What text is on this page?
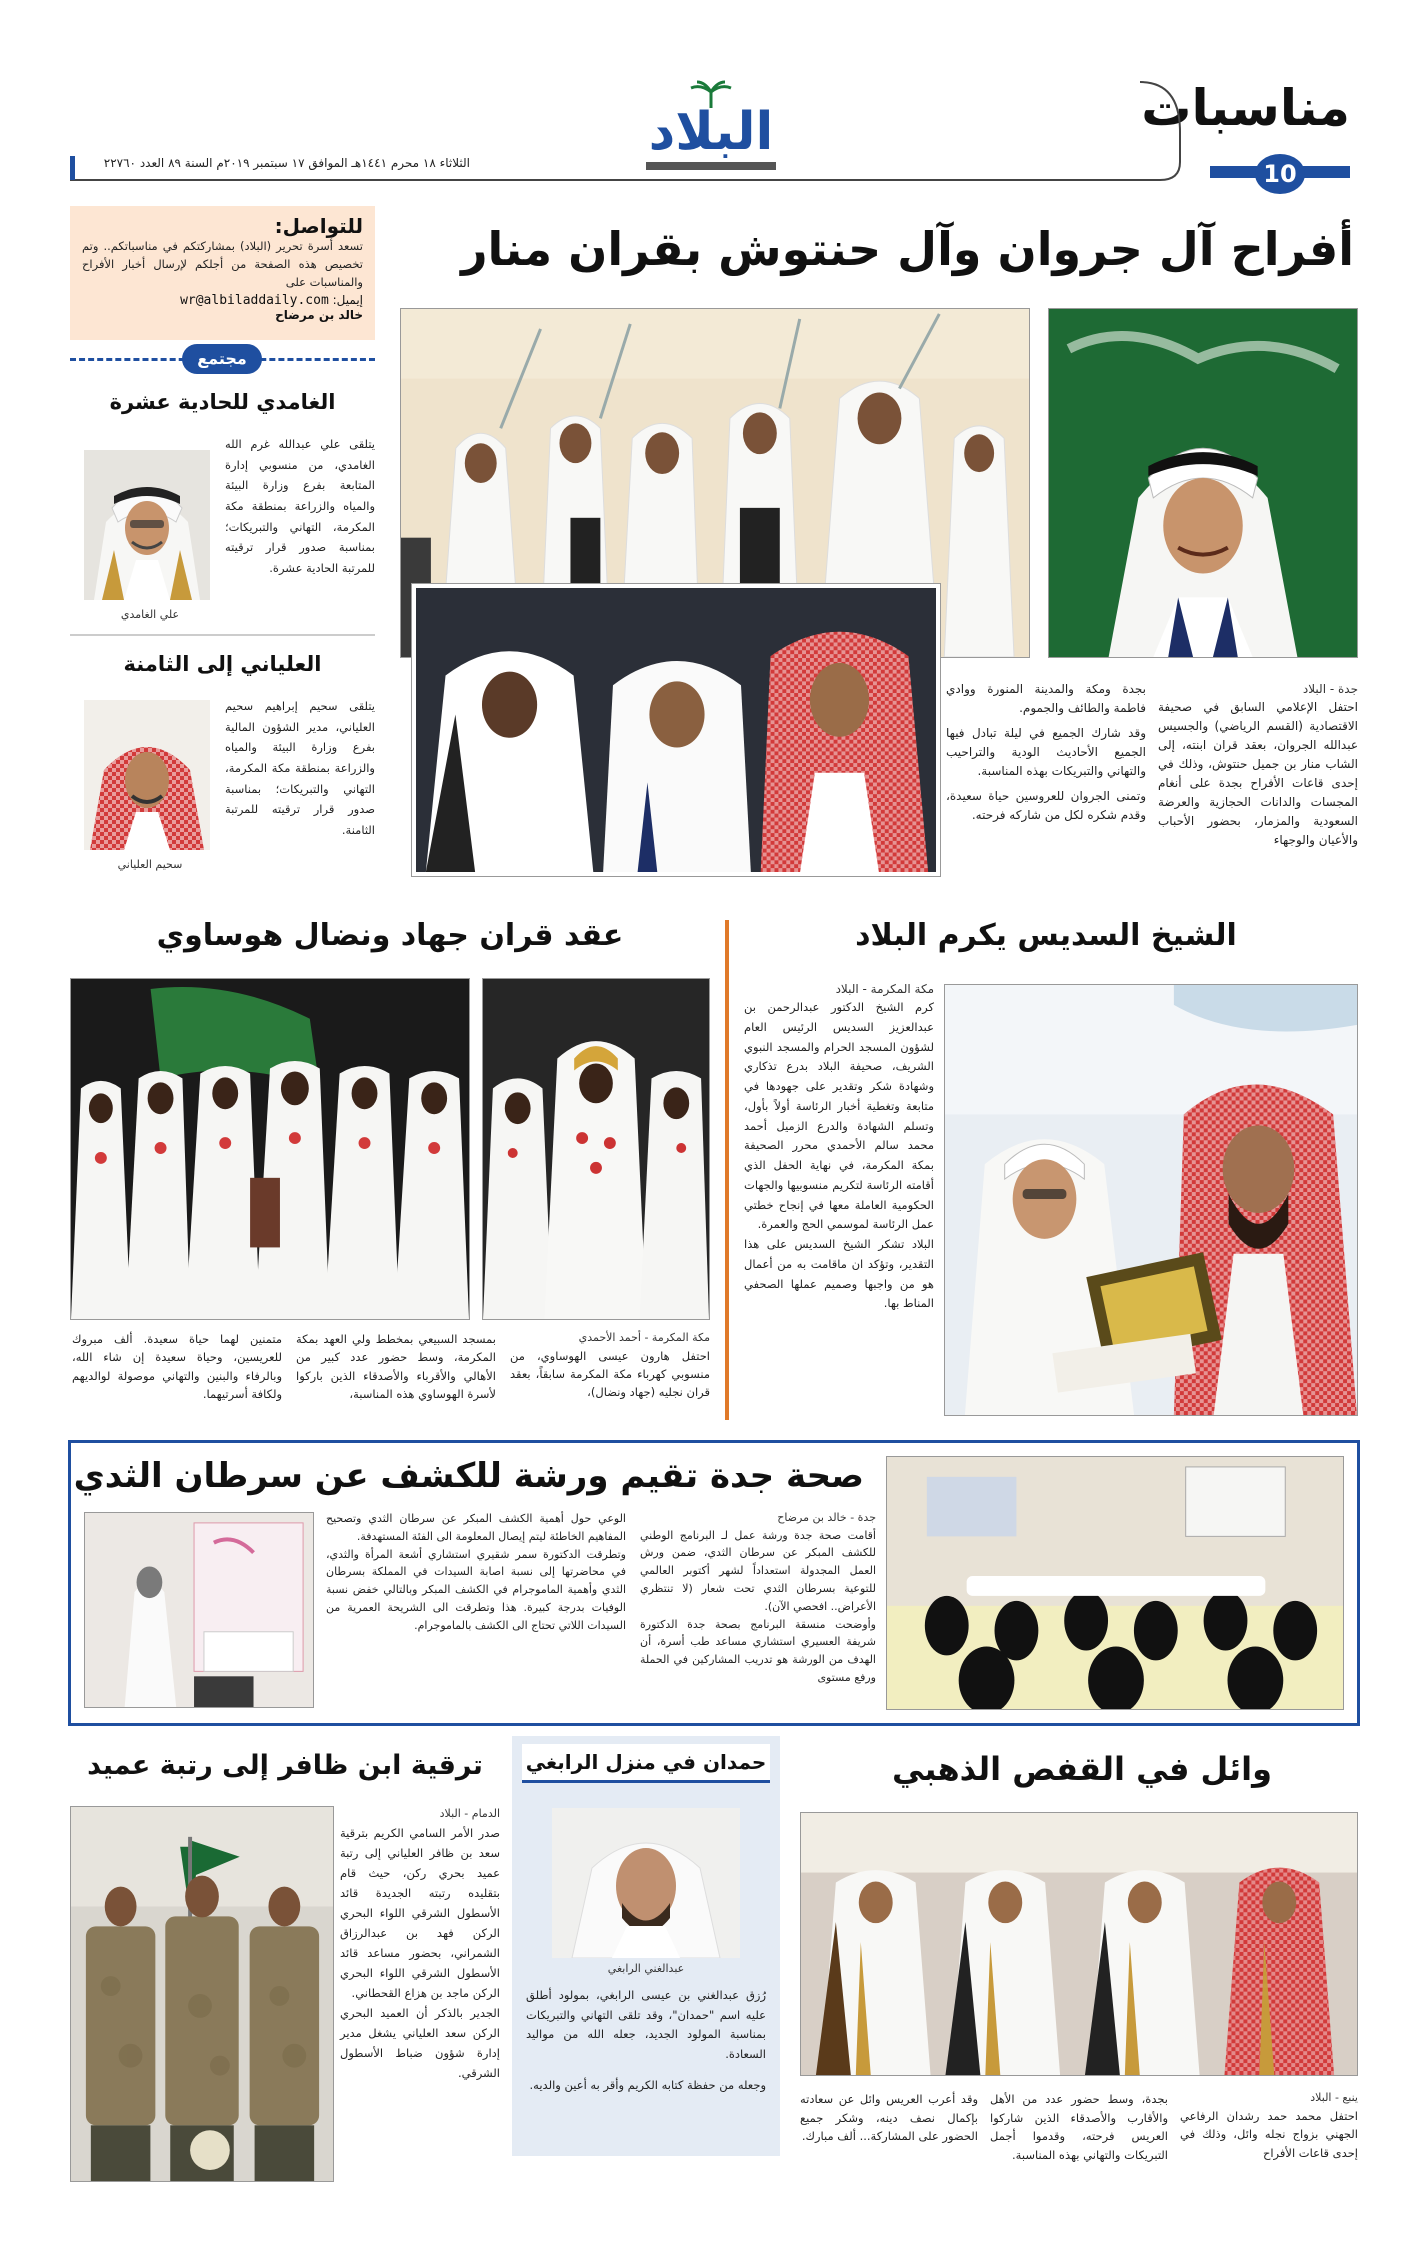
مناسبات
10
البلاد
الثلاثاء ١٨ محرم ١٤٤١هـ الموافق ١٧ سبتمبر ٢٠١٩م السنة ٨٩ العدد ٢٢٧٦٠
للتواصل:
تسعد أسرة تحرير (البلاد) بمشاركتكم في مناسباتكم.. وتم تخصيص هذه الصفحة من أجلكم لإرسال أخبار الأفراح والمناسبات على
إيميل: wr@albiladdaily.com
خالد بن مرضاح
مجتمع
الغامدي للحادية عشرة
يتلقى علي عبدالله غرم الله الغامدي، من منسوبي إدارة المتابعة بفرع وزارة البيئة والمياه والزراعة بمنطقة مكة المكرمة، التهاني والتبريكات؛ بمناسبة صدور قرار ترقيته للمرتبة الحادية عشرة.
علي الغامدي
العلياني إلى الثامنة
يتلقى سحيم إبراهيم سحيم العلياني، مدير الشؤون المالية بفرع وزارة البيئة والمياه والزراعة بمنطقة مكة المكرمة، التهاني والتبريكات؛ بمناسبة صدور قرار ترقيته للمرتبة الثامنة.
سحيم العلياني
أفراح آل جروان وآل حنتوش بقران منار
جدة - البلاد
احتفل الإعلامي السابق في صحيفة الاقتصادية (القسم الرياضي) والجسيس عبدالله الجروان، بعقد قران ابنته، إلى الشاب منار بن جميل حنتوش، وذلك في إحدى قاعات الأفراح بجدة على أنغام المجسات والدانات الحجازية والعرضة السعودية والمزمار، بحضور الأحباب والأعيان والوجهاء
بجدة ومكة والمدينة المنورة ووادي فاطمة والطائف والجموم.
وقد شارك الجميع في ليلة تبادل فيها الجميع الأحاديث الودية والتراحيب والتهاني والتبريكات بهذه المناسبة.
وتمنى الجروان للعروسين حياة سعيدة، وقدم شكره لكل من شاركه فرحته.
الشيخ السديس يكرم البلاد
مكة المكرمة - البلاد
كرم الشيخ الدكتور عبدالرحمن بن عبدالعزيز السديس الرئيس العام لشؤون المسجد الحرام والمسجد النبوي الشريف، صحيفة البلاد بدرع تذكاري وشهادة شكر وتقدير على جهودها في متابعة وتغطية أخبار الرئاسة أولاً بأول، وتسلم الشهادة والدرع الزميل أحمد محمد سالم الأحمدي محرر الصحيفة بمكة المكرمة، في نهاية الحفل الذي أقامته الرئاسة لتكريم منسوبيها والجهات الحكومية العاملة معها في إنجاح خطتي عمل الرئاسة لموسمي الحج والعمرة.
البلاد تشكر الشيخ السديس على هذا التقدير، وتؤكد ان ماقامت به من أعمال هو من واجبها وصميم عملها الصحفي المناط بها.
عقد قران جهاد ونضال هوساوي
مكة المكرمة - أحمد الأحمدي
احتفل هارون عيسى الهوساوي، من منسوبي كهرباء مكة المكرمة سابقاً، بعقد قران نجليه (جهاد ونضال)،
بمسجد السبيعي بمخطط ولي العهد بمكة المكرمة، وسط حضور عدد كبير من الأهالي والأقرباء والأصدقاء الذين باركوا لأسرة الهوساوي هذه المناسبة،
متمنين لهما حياة سعيدة. ألف مبروك للعريسين، وحياة سعيدة إن شاء الله، وبالرفاء والبنين والتهاني موصولة لوالديهم ولكافة أسرتيهما.
صحة جدة تقيم ورشة للكشف عن سرطان الثدي
جدة - خالد بن مرضاح
أقامت صحة جدة ورشة عمل لـ البرنامج الوطني للكشف المبكر عن سرطان الثدي، ضمن ورش العمل المجدولة استعداداً لشهر أكتوبر العالمي للتوعية بسرطان الثدي تحت شعار (لا تنتظري الأعراض.. افحصي الآن).
وأوضحت منسقة البرنامج بصحة جدة الدكتورة شريفة العسيري استشاري مساعد طب أسرة، أن الهدف من الورشة هو تدريب المشاركين في الحملة ورفع مستوى
الوعي حول أهمية الكشف المبكر عن سرطان الثدي وتصحيح المفاهيم الخاطئة ليتم إيصال المعلومة الى الفئة المستهدفة.
وتطرقت الدكتورة سمر شقيري استشاري أشعة المرأة والثدي، في محاضرتها إلى نسبة اصابة السيدات في المملكة بسرطان الثدي وأهمية الماموجرام في الكشف المبكر وبالتالي خفض نسبة الوفيات بدرجة كبيرة. هذا وتطرقت الى الشريحة العمرية من السيدات اللاتي تحتاج الى الكشف بالماموجرام.
وائل في القفص الذهبي
ينبع - البلاد
احتفل محمد حمد رشدان الرفاعي الجهني بزواج نجله وائل، وذلك في إحدى قاعات الأفراح
بجدة، وسط حضور عدد من الأهل والأقارب والأصدقاء الذين شاركوا العريس فرحته، وقدموا أجمل التبريكات والتهاني بهذه المناسبة.
وقد أعرب العريس وائل عن سعادته بإكمال نصف دينه، وشكر جميع الحضور على المشاركة... ألف مبارك.
حمدان في منزل الرابغي
عبدالغني الرابغي
رُزق عبدالغني بن عيسى الرابغي، بمولود أطلق عليه اسم "حمدان"، وقد تلقى التهاني والتبريكات بمناسبة المولود الجديد، جعله الله من مواليد السعادة.
وجعله من حفظة كتابه الكريم وأقر به أعين والديه.
ترقية ابن ظافر إلى رتبة عميد
الدمام - البلاد
صدر الأمر السامي الكريم بترقية سعد بن ظافر العلياني إلى رتبة عميد بحري ركن، حيث قام بتقليده رتبته الجديدة قائد الأسطول الشرقي اللواء البحري الركن فهد بن عبدالرزاق الشمراني، بحضور مساعد قائد الأسطول الشرقي اللواء البحري الركن ماجد بن هزاع القحطاني.
الجدير بالذكر أن العميد البحري الركن سعد العلياني يشغل مدير إدارة شؤون ضباط الأسطول الشرقي.
